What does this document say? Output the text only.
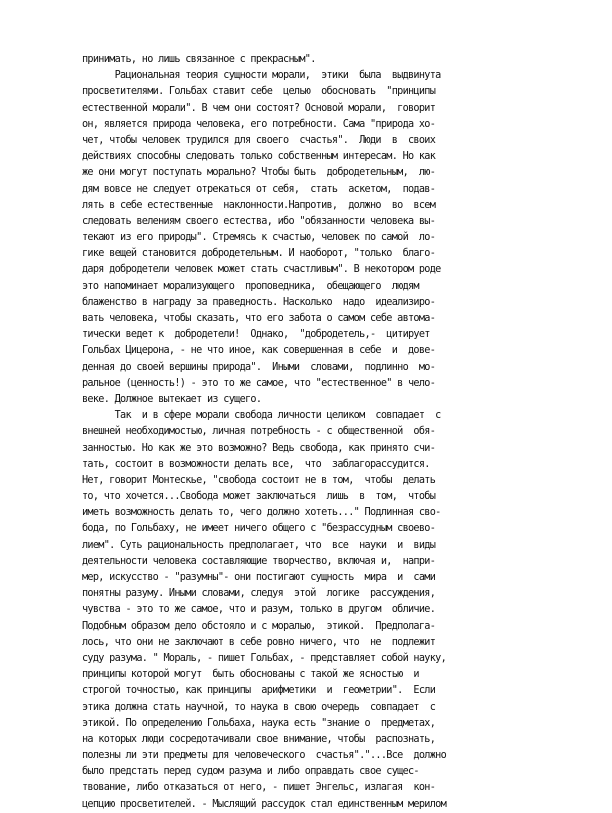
принимать, но лишь связанное с прекрасным".
Рациональная теория сущности морали,  этики  была  выдвинута
просветителями. Гольбах ставит себе  целью  обосновать  "принципы
естественной морали". В чем они состоят? Основой морали,  говорит
он, является природа человека, его потребности. Сама "природа хо-
чет, чтобы человек трудился для своего  счастья".  Люди  в  своих
действиях способны следовать только собственным интересам. Но как
же они могут поступать морально? Чтобы быть  добродетельным,  лю-
дям вовсе не следует отрекаться от себя,  стать  аскетом,  подав-
лять в себе естественные  наклонности.Напротив,  должно  во  всем
следовать велениям своего естества, ибо "обязанности человека вы-
текают из его природы". Стремясь к счастью, человек по самой  ло-
гике вещей становится добродетельным. И наоборот, "только  благо-
даря добродетели человек может стать счастливым". В некотором роде
это напоминает морализующего  проповедника,  обещающего  людям
блаженство в награду за праведность. Насколько  надо  идеализиро-
вать человека, чтобы сказать, что его забота о самом себе автома-
тически ведет к  добродетели!  Однако,  "добродетель,-  цитирует
Гольбах Цицерона, - не что иное, как совершенная в себе  и  дове-
денная до своей вершины природа".  Иными  словами,  подлинно  мо-
ральное (ценность!) - это то же самое, что "естественное" в чело-
веке. Должное вытекает из сущего.
Так  и в сфере морали свобода личности целиком  совпадает  с
внешней необходимостью, личная потребность - с общественной  обя-
занностью. Но как же это возможно? Ведь свобода, как принято счи-
тать, состоит в возможности делать все,  что  заблагорассудится.
Нет, говорит Монтескье, "свобода состоит не в том,  чтобы  делать
то, что хочется...Свобода может заключаться  лишь  в  том,  чтобы
иметь возможность делать то, чего должно хотеть..." Подлинная сво-
бода, по Гольбаху, не имеет ничего общего с "безрассудным своево-
лием". Суть рациональность предполагает, что  все  науки  и  виды
деятельности человека составляющие творчество, включая и,  напри-
мер, искусство - "разумны"- они постигают сущность  мира  и  сами
понятны разуму. Иными словами, следуя  этой  логике  рассуждения,
чувства - это то же самое, что и разум, только в другом  обличие.
Подобным образом дело обстояло и с моралью,  этикой.  Предполага-
лось, что они не заключают в себе ровно ничего, что  не  подлежит
суду разума. " Мораль, - пишет Гольбах, - представляет собой науку,
принципы которой могут  быть обоснованы с такой же ясностью  и
строгой точностью, как принципы  арифметики  и  геометрии".  Если
этика должна стать научной, то наука в свою очередь  совпадает  с
этикой. По определению Гольбаха, наука есть "знание о  предметах,
на которых люди сосредотачивали свое внимание, чтобы  распознать,
полезны ли эти предметы для человеческого  счастья"."...Все  должно
было предстать перед судом разума и либо оправдать свое сущес-
твование, либо отказаться от него, - пишет Энгельс, излагая  кон-
цепцию просветителей. - Мыслящий рассудок стал единственным мерилом
